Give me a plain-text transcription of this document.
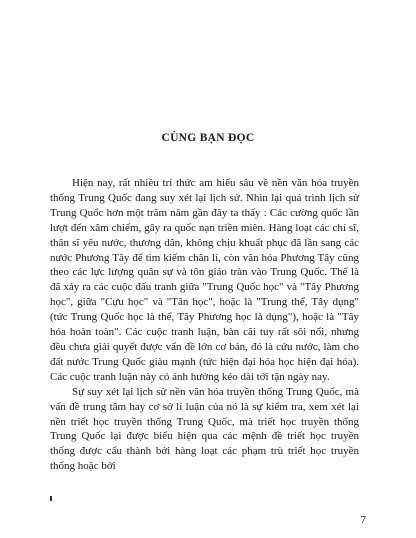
CÙNG BẠN ĐỌC

Hiện nay, rất nhiều trí thức am hiểu sâu về nền văn hóa truyền thống Trung Quốc đang suy xét lại lịch sử. Nhìn lại quá trình lịch sử Trung Quốc hơn một trăm năm gần đây ta thấy : Các cường quốc lần lượt đến xâm chiếm, gây ra quốc nạn triền miên. Hàng loạt các chí sĩ, thân sĩ yêu nước, thương dân, không chịu khuất phục đã lần sang các nước Phương Tây để tìm kiếm chân lí, còn văn hóa Phương Tây cũng theo các lực lượng quân sự và tôn giáo tràn vào Trung Quốc. Thế là đã xảy ra các cuộc đấu tranh giữa "Trung Quốc học" và "Tây Phương học", giữa "Cựu học" và "Tân học", hoặc là "Trung thể, Tây dụng" (tức Trung Quốc học là thể, Tây Phương học là dụng"), hoặc là "Tây hóa hoàn toàn". Các cuộc tranh luận, bàn cãi tuy rất sôi nổi, nhưng đều chưa giải quyết được vấn đề lớn cơ bản, đó là cứu nước, làm cho đất nước Trung Quốc giàu mạnh (tức hiện đại hóa học hiện đại hóa). Các cuộc tranh luận này có ảnh hưởng kéo dài tới tận ngày nay.

Sự suy xét lại lịch sử nền văn hóa truyền thống Trung Quốc, mà vấn đề trung tâm hay cơ sở lí luận của nó là sự kiểm tra, xem xét lại nền triết học truyền thống Trung Quốc, mà triết học truyền thống Trung Quốc lại được biểu hiện qua các mệnh đề triết học truyền thống được cấu thành bởi hàng loạt các phạm trù triết học truyền thống hoặc bởi

7
